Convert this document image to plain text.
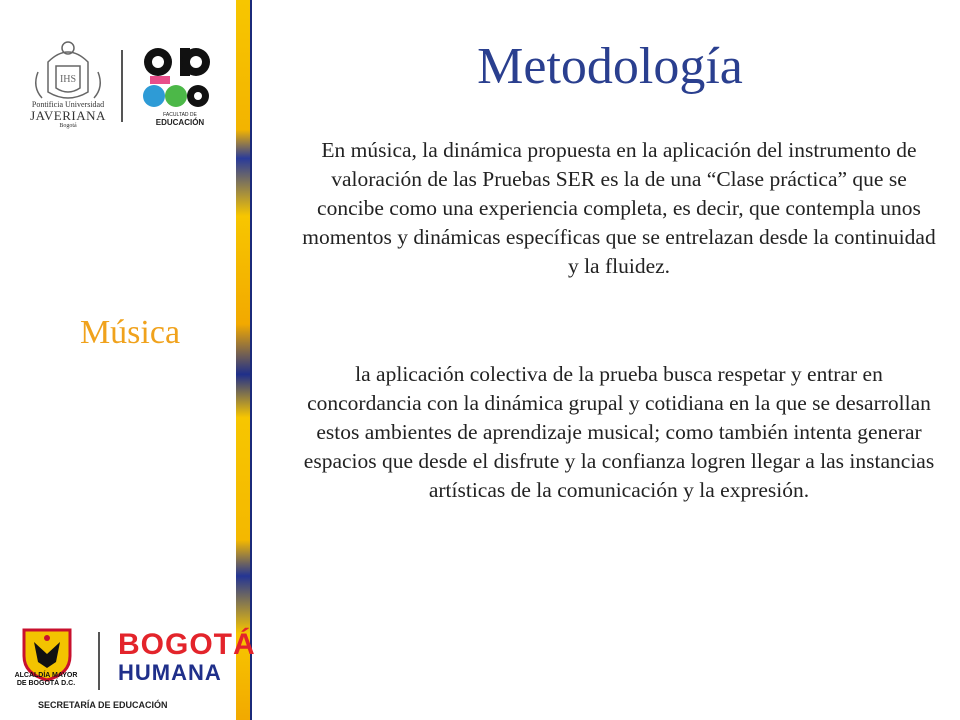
IHS
Pontificia Universidad
JAVERIANA
Bogotá
FACULTAD DE
EDUCACIÓN
Música
ALCALDÍA MAYOR
DE BOGOTÁ D.C.
BOGOTÁ
HUMANA
SECRETARÍA DE EDUCACIÓN
Metodología
En música, la dinámica propuesta en la aplicación del instrumento de valoración de las Pruebas SER es la de una “Clase práctica” que se concibe como una experiencia completa, es decir, que contempla unos momentos y dinámicas específicas que se entrelazan desde la continuidad y la fluidez.
la aplicación colectiva de la prueba busca respetar y entrar en concordancia con la dinámica grupal y cotidiana en la que se desarrollan estos ambientes de aprendizaje musical; como también intenta generar espacios que desde el disfrute y la confianza logren llegar a las instancias artísticas de la comunicación y la expresión.
